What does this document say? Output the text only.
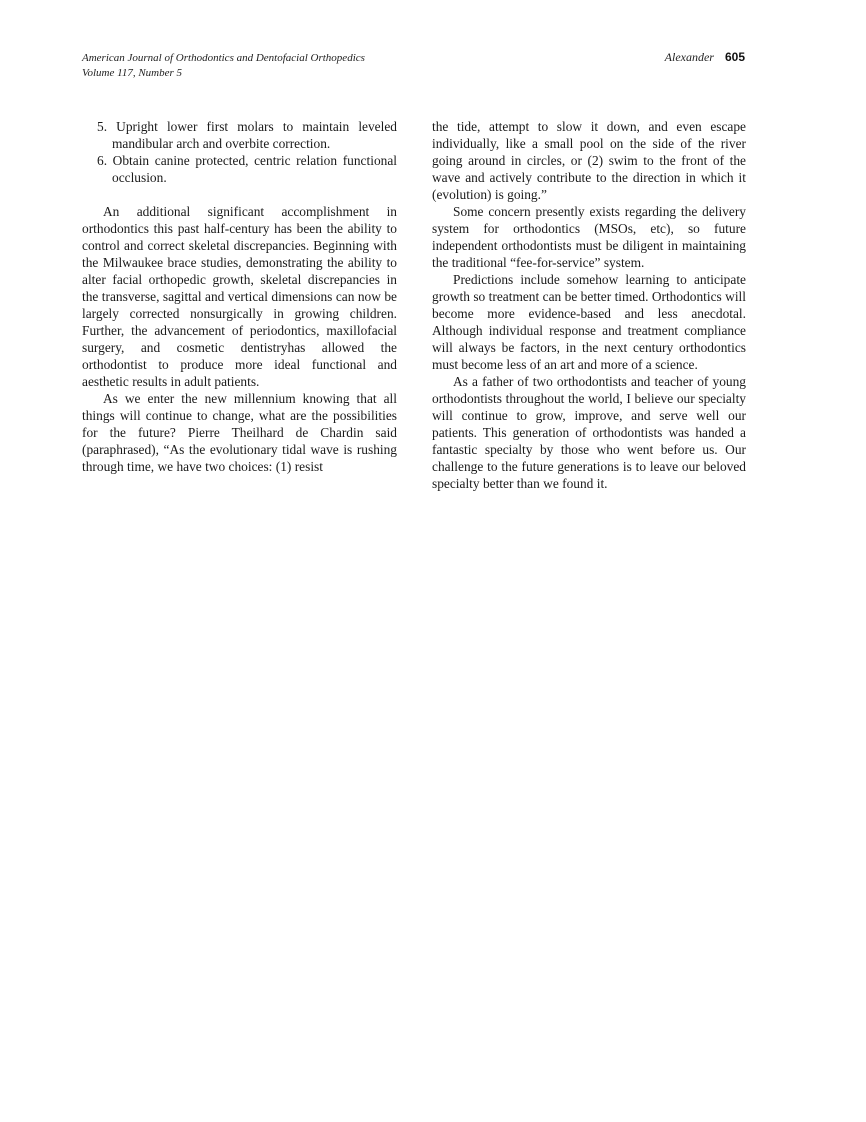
American Journal of Orthodontics and Dentofacial Orthopedics
Volume 117, Number 5
Alexander 605

5. Upright lower first molars to maintain leveled mandibular arch and overbite correction.

6. Obtain canine protected, centric relation functional occlusion.

An additional significant accomplishment in orthodontics this past half-century has been the ability to control and correct skeletal discrepancies. Beginning with the Milwaukee brace studies, demonstrating the ability to alter facial orthopedic growth, skeletal discrepancies in the transverse, sagittal and vertical dimensions can now be largely corrected nonsurgically in growing children. Further, the advancement of periodontics, maxillofacial surgery, and cosmetic dentistryhas allowed the orthodontist to produce more ideal functional and aesthetic results in adult patients.

As we enter the new millennium knowing that all things will continue to change, what are the possibilities for the future? Pierre Theilhard de Chardin said (paraphrased), “As the evolutionary tidal wave is rushing through time, we have two choices: (1) resist

the tide, attempt to slow it down, and even escape individually, like a small pool on the side of the river going around in circles, or (2) swim to the front of the wave and actively contribute to the direction in which it (evolution) is going.”

Some concern presently exists regarding the delivery system for orthodontics (MSOs, etc), so future independent orthodontists must be diligent in maintaining the traditional “fee-for-service” system.

Predictions include somehow learning to anticipate growth so treatment can be better timed. Orthodontics will become more evidence-based and less anecdotal. Although individual response and treatment compliance will always be factors, in the next century orthodontics must become less of an art and more of a science.

As a father of two orthodontists and teacher of young orthodontists throughout the world, I believe our specialty will continue to grow, improve, and serve well our patients. This generation of orthodontists was handed a fantastic specialty by those who went before us. Our challenge to the future generations is to leave our beloved specialty better than we found it.
